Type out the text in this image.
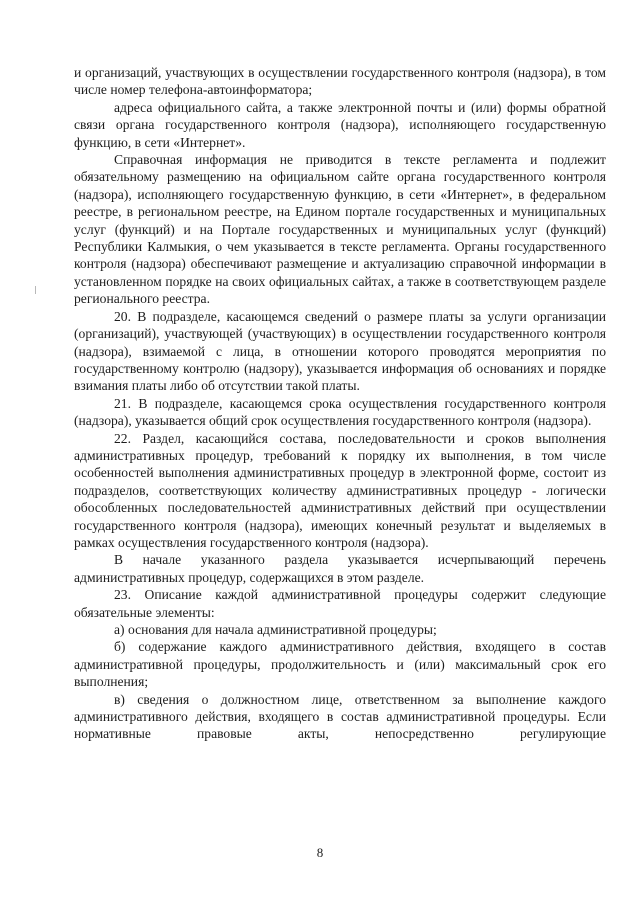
и организаций, участвующих в осуществлении государственного контроля (надзора), в том числе номер телефона-автоинформатора;

адреса официального сайта, а также электронной почты и (или) формы обратной связи органа государственного контроля (надзора), исполняющего государственную функцию, в сети «Интернет».

Справочная информация не приводится в тексте регламента и подлежит обязательному размещению на официальном сайте органа государственного контроля (надзора), исполняющего государственную функцию, в сети «Интернет», в федеральном реестре, в региональном реестре, на Едином портале государственных и муниципальных услуг (функций) и на Портале государственных и муниципальных услуг (функций) Республики Калмыкия, о чем указывается в тексте регламента. Органы государственного контроля (надзора) обеспечивают размещение и актуализацию справочной информации в установленном порядке на своих официальных сайтах, а также в соответствующем разделе регионального реестра.

20. В подразделе, касающемся сведений о размере платы за услуги организации (организаций), участвующей (участвующих) в осуществлении государственного контроля (надзора), взимаемой с лица, в отношении которого проводятся мероприятия по государственному контролю (надзору), указывается информация об основаниях и порядке взимания платы либо об отсутствии такой платы.

21. В подразделе, касающемся срока осуществления государственного контроля (надзора), указывается общий срок осуществления государственного контроля (надзора).

22. Раздел, касающийся состава, последовательности и сроков выполнения административных процедур, требований к порядку их выполнения, в том числе особенностей выполнения административных процедур в электронной форме, состоит из подразделов, соответствующих количеству административных процедур - логически обособленных последовательностей административных действий при осуществлении государственного контроля (надзора), имеющих конечный результат и выделяемых в рамках осуществления государственного контроля (надзора).

В начале указанного раздела указывается исчерпывающий перечень административных процедур, содержащихся в этом разделе.

23. Описание каждой административной процедуры содержит следующие обязательные элементы:

а) основания для начала административной процедуры;

б) содержание каждого административного действия, входящего в состав административной процедуры, продолжительность и (или) максимальный срок его выполнения;

в) сведения о должностном лице, ответственном за выполнение каждого административного действия, входящего в состав административной процедуры. Если нормативные правовые акты, непосредственно регулирующие

8
